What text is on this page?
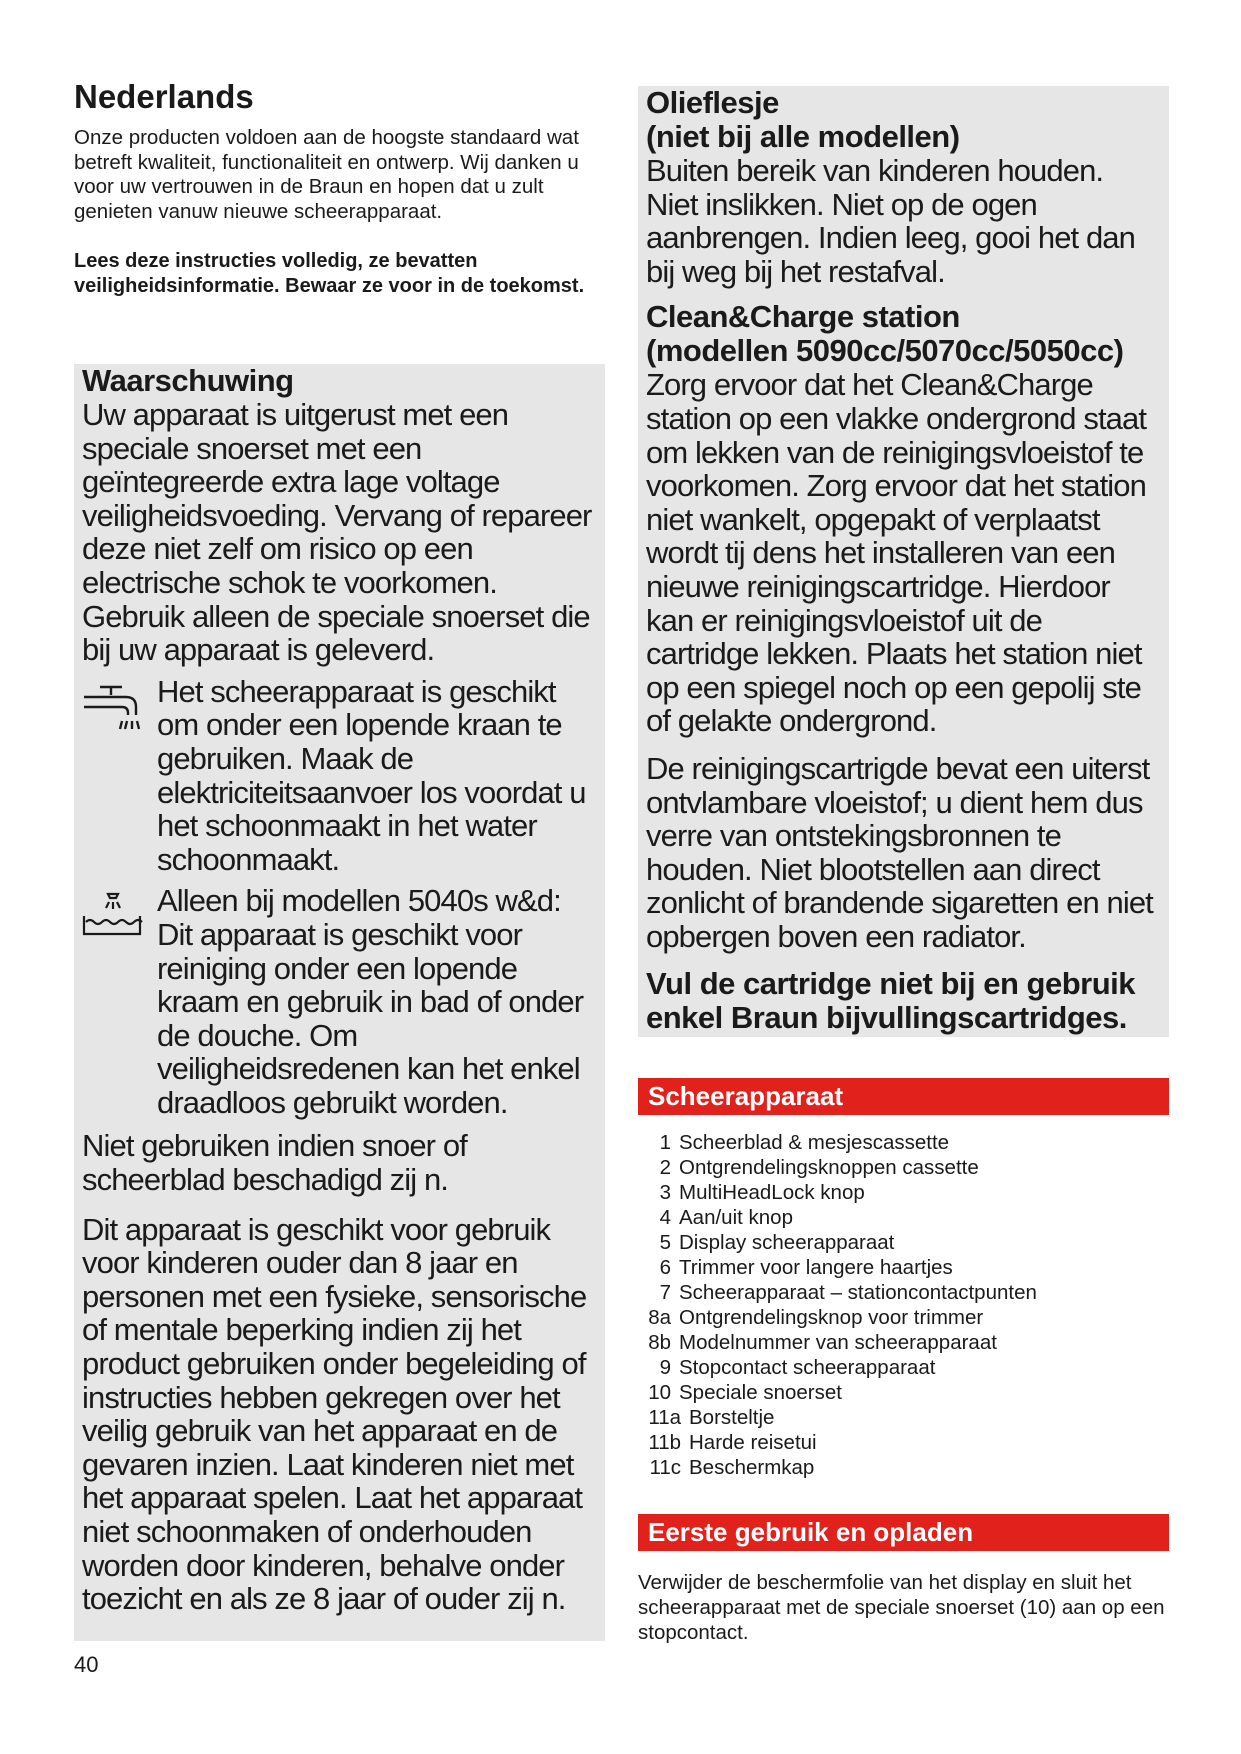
Nederlands

Onze producten voldoen aan de hoogste standaard wat betreft kwaliteit, functionaliteit en ontwerp. Wij danken u voor uw vertrouwen in de Braun en hopen dat u zult genieten vanuw nieuwe scheerapparaat.

Lees deze instructies volledig, ze bevatten veiligheidsinformatie. Bewaar ze voor in de toekomst.

Waarschuwing

Uw apparaat is uitgerust met een speciale snoerset met een geïntegreerde extra lage voltage veiligheidsvoeding. Vervang of repareer deze niet zelf om risico op een electrische schok te voorkomen. Gebruik alleen de speciale snoerset die bij uw apparaat is geleverd.

Het scheerapparaat is geschikt om onder een lopende kraan te gebruiken. Maak de elektriciteitsaanvoer los voordat u het schoonmaakt in het water schoonmaakt.
Alleen bij modellen 5040s w&d: Dit apparaat is geschikt voor reiniging onder een lopende kraam en gebruik in bad of onder de douche. Om veiligheidsredenen kan het enkel draadloos gebruikt worden.

Niet gebruiken indien snoer of scheerblad beschadigd zij n.

Dit apparaat is geschikt voor gebruik voor kinderen ouder dan 8 jaar en personen met een fysieke, sensorische of mentale beperking indien zij het product gebruiken onder begeleiding of instructies hebben gekregen over het veilig gebruik van het apparaat en de gevaren inzien. Laat kinderen niet met het apparaat spelen. Laat het apparaat niet schoonmaken of onderhouden worden door kinderen, behalve onder toezicht en als ze 8 jaar of ouder zij n.

40
Olieflesje
(niet bij alle modellen)

Buiten bereik van kinderen houden. Niet inslikken. Niet op de ogen aanbrengen. Indien leeg, gooi het dan bij weg bij het restafval.

Clean&Charge station
(modellen 5090cc/5070cc/5050cc)

Zorg ervoor dat het Clean&Charge station op een vlakke ondergrond staat om lekken van de reinigingsvloeistof te voorkomen. Zorg ervoor dat het station niet wankelt, opgepakt of verplaatst wordt tij dens het installeren van een nieuwe reinigingscartridge. Hierdoor kan er reinigingsvloeistof uit de cartridge lekken. Plaats het station niet op een spiegel noch op een gepolij ste of gelakte ondergrond.

De reinigingscartrigde bevat een uiterst ontvlambare vloeistof; u dient hem dus verre van ontstekingsbronnen te houden. Niet blootstellen aan direct zonlicht of brandende sigaretten en niet opbergen boven een radiator.

Vul de cartridge niet bij en gebruik enkel Braun bijvullingscartridges.
Scheerapparaat
1 Scheerblad & mesjescassette
2 Ontgrendelingsknoppen cassette
3 MultiHeadLock knop
4 Aan/uit knop
5 Display scheerapparaat
6 Trimmer voor langere haartjes
7 Scheerapparaat – stationcontactpunten
8a Ontgrendelingsknop voor trimmer
8b Modelnummer van scheerapparaat
9 Stopcontact scheerapparaat
10 Speciale snoerset
11a Borsteltje
11b Harde reisetui
11c Beschermkap
Eerste gebruik en opladen

Verwijder de beschermfolie van het display en sluit het scheerapparaat met de speciale snoerset (10) aan op een stopcontact.
